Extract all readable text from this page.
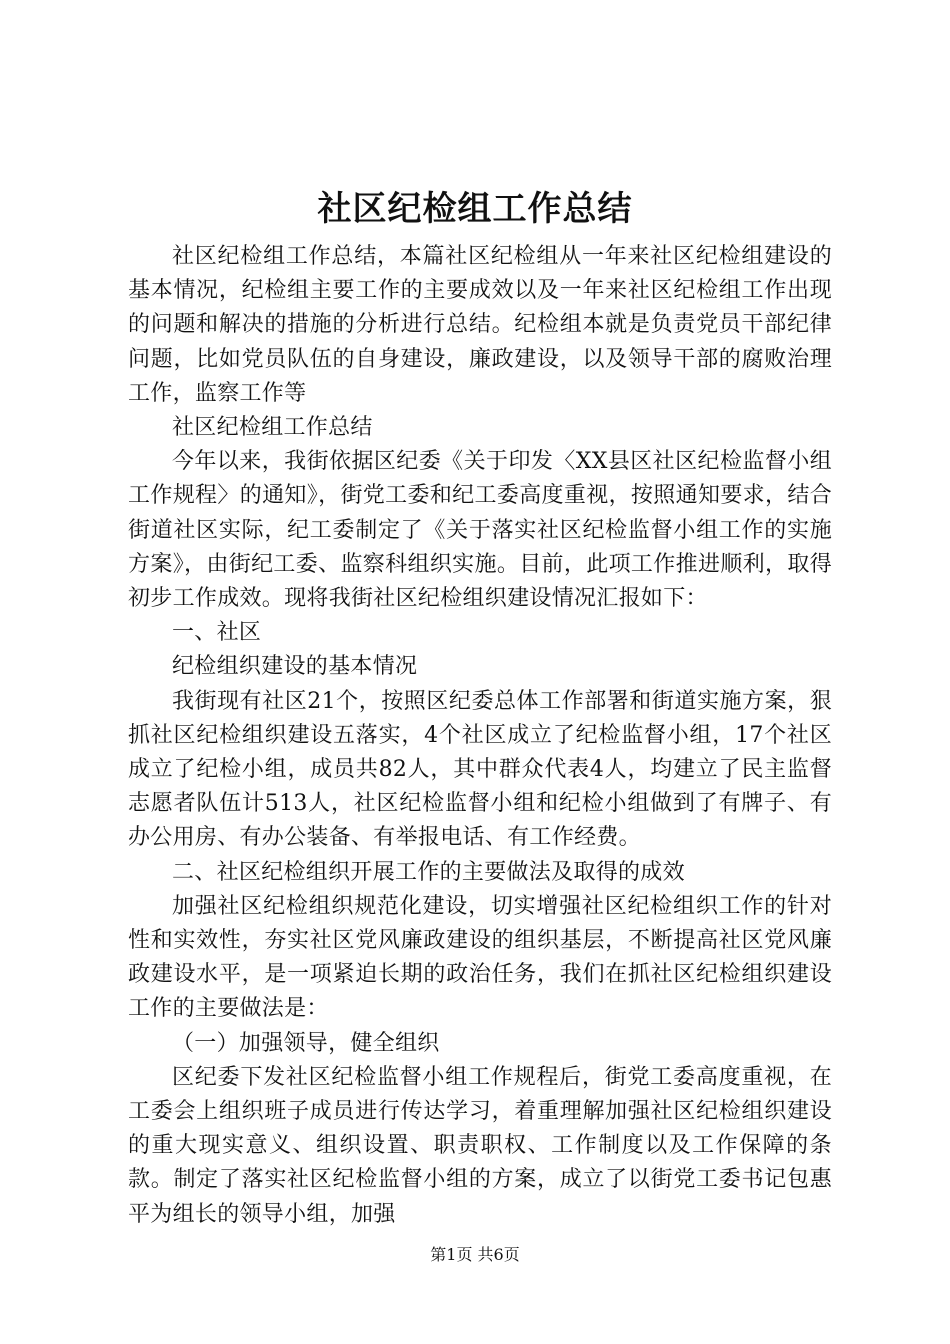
社区纪检组工作总结

社区纪检组工作总结，本篇社区纪检组从一年来社区纪检组建设的基本情况，纪检组主要工作的主要成效以及一年来社区纪检组工作出现的问题和解决的措施的分析进行总结。纪检组本就是负责党员干部纪律问题，比如党员队伍的自身建设，廉政建设，以及领导干部的腐败治理工作，监察工作等

社区纪检组工作总结

今年以来，我街依据区纪委《关于印发〈XX县区社区纪检监督小组工作规程〉的通知》，街党工委和纪工委高度重视，按照通知要求，结合街道社区实际，纪工委制定了《关于落实社区纪检监督小组工作的实施方案》，由街纪工委、监察科组织实施。目前，此项工作推进顺利，取得初步工作成效。现将我街社区纪检组织建设情况汇报如下：

一、社区

纪检组织建设的基本情况

我街现有社区21个，按照区纪委总体工作部署和街道实施方案，狠抓社区纪检组织建设五落实，4个社区成立了纪检监督小组，17个社区成立了纪检小组，成员共82人，其中群众代表4人，均建立了民主监督志愿者队伍计513人，社区纪检监督小组和纪检小组做到了有牌子、有办公用房、有办公装备、有举报电话、有工作经费。

二、社区纪检组织开展工作的主要做法及取得的成效

加强社区纪检组织规范化建设，切实增强社区纪检组织工作的针对性和实效性，夯实社区党风廉政建设的组织基层，不断提高社区党风廉政建设水平，是一项紧迫长期的政治任务，我们在抓社区纪检组织建设工作的主要做法是：

（一）加强领导，健全组织

区纪委下发社区纪检监督小组工作规程后，街党工委高度重视，在工委会上组织班子成员进行传达学习，着重理解加强社区纪检组织建设的重大现实意义、组织设置、职责职权、工作制度以及工作保障的条款。制定了落实社区纪检监督小组的方案，成立了以街党工委书记包惠平为组长的领导小组，加强

第1页 共6页
